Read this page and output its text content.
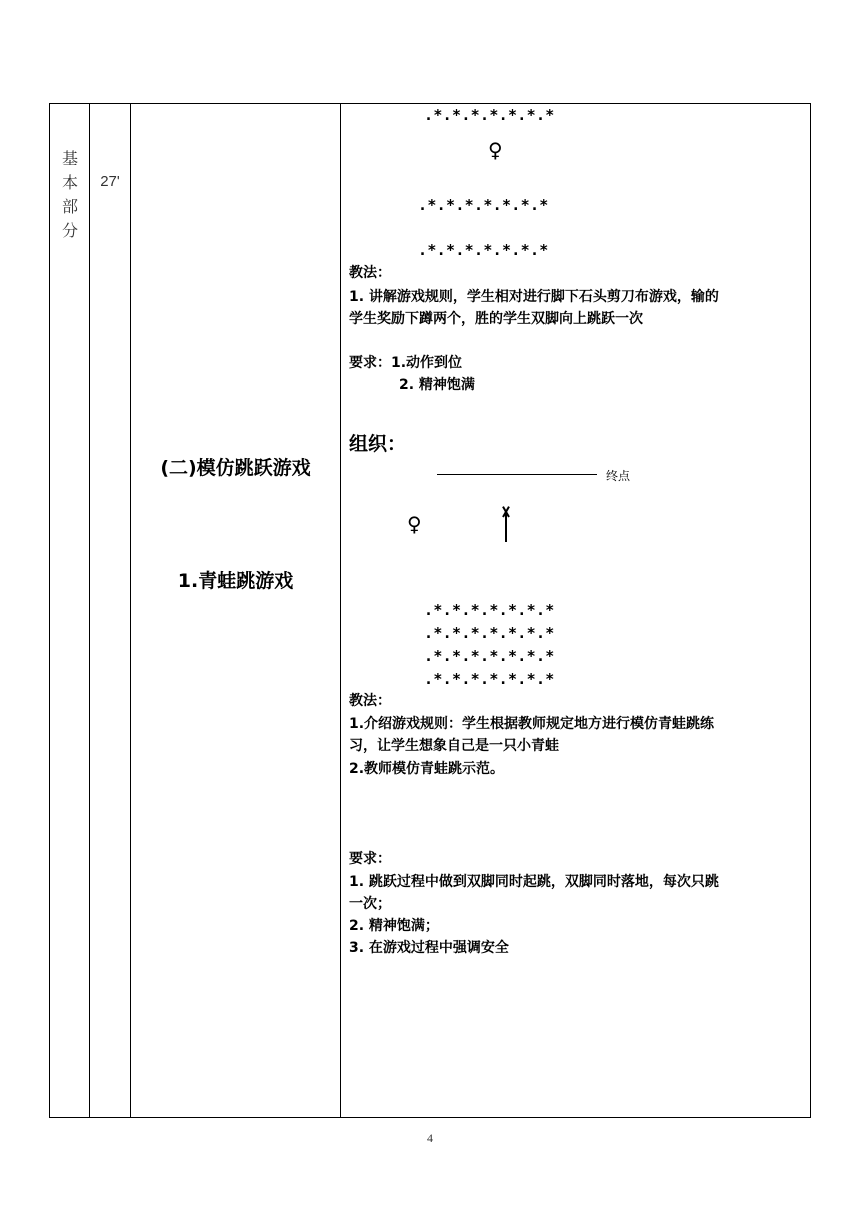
基
本
部
分
27'
(二)模仿跳跃游戏
1.青蛙跳游戏
.*.*.*.*.*.*.*
♀
.*.*.*.*.*.*.*
.*.*.*.*.*.*.*
教法：
1. 讲解游戏规则，学生相对进行脚下石头剪刀布游戏，输的
学生奖励下蹲两个，胜的学生双脚向上跳跃一次
要求：1.动作到位
2. 精神饱满
组织：
终点
♀
.*.*.*.*.*.*.*
.*.*.*.*.*.*.*
.*.*.*.*.*.*.*
.*.*.*.*.*.*.*
教法：
1.介绍游戏规则：学生根据教师规定地方进行模仿青蛙跳练
习，让学生想象自己是一只小青蛙
2.教师模仿青蛙跳示范。
要求：
1. 跳跃过程中做到双脚同时起跳，双脚同时落地，每次只跳
一次；
2. 精神饱满；
3. 在游戏过程中强调安全
4
